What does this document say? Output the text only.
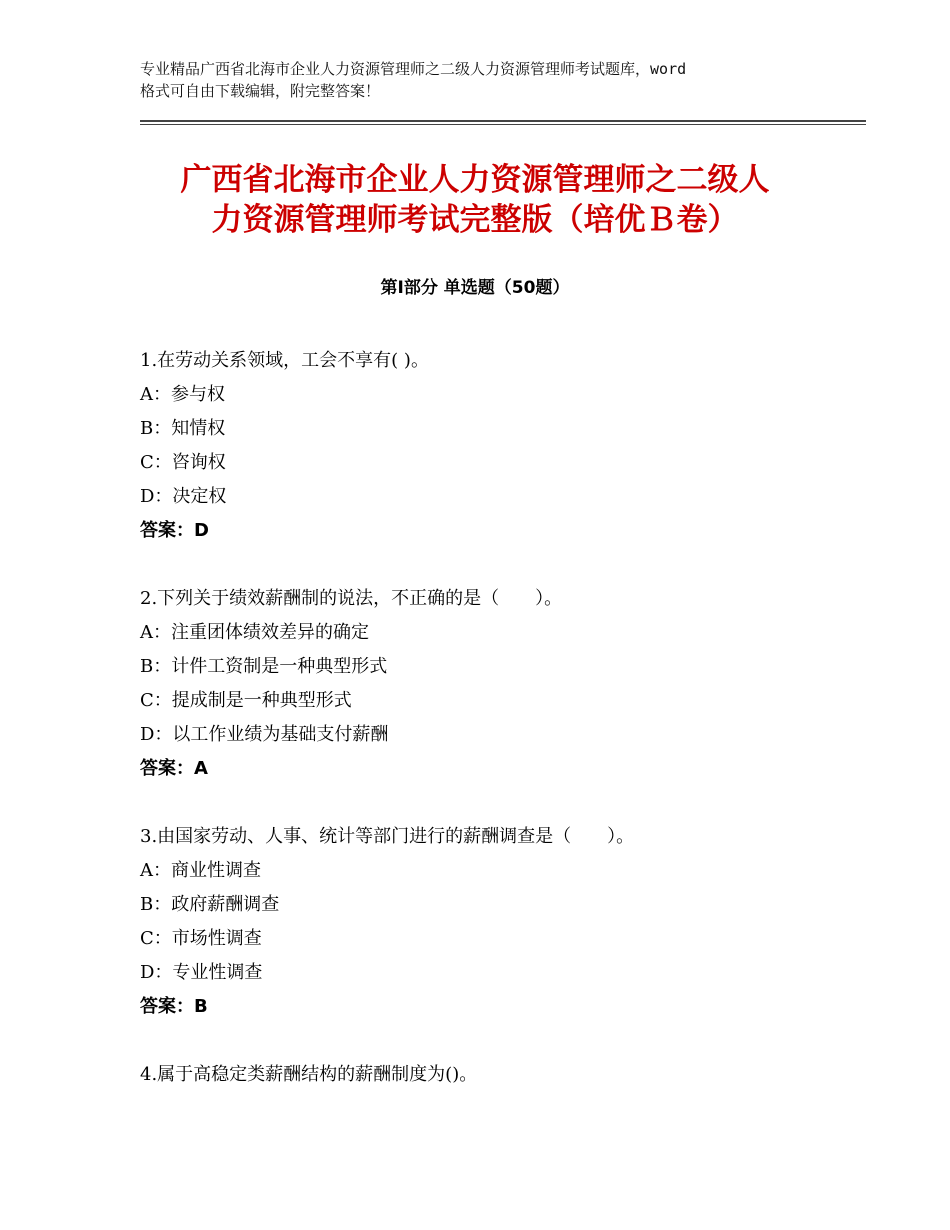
专业精品广西省北海市企业人力资源管理师之二级人力资源管理师考试题库，word
格式可自由下载编辑，附完整答案！
广西省北海市企业人力资源管理师之二级人
力资源管理师考试完整版（培优Ｂ卷）
第Ⅰ部分 单选题（50题）
1.在劳动关系领域，工会不享有( )。
A：参与权
B：知情权
C：咨询权
D：决定权
答案：D
2.下列关于绩效薪酬制的说法，不正确的是（　　）。
A：注重团体绩效差异的确定
B：计件工资制是一种典型形式
C：提成制是一种典型形式
D：以工作业绩为基础支付薪酬
答案：A
3.由国家劳动、人事、统计等部门进行的薪酬调查是（　　）。
A：商业性调查
B：政府薪酬调查
C：市场性调查
D：专业性调查
答案：B
4.属于高稳定类薪酬结构的薪酬制度为()。
